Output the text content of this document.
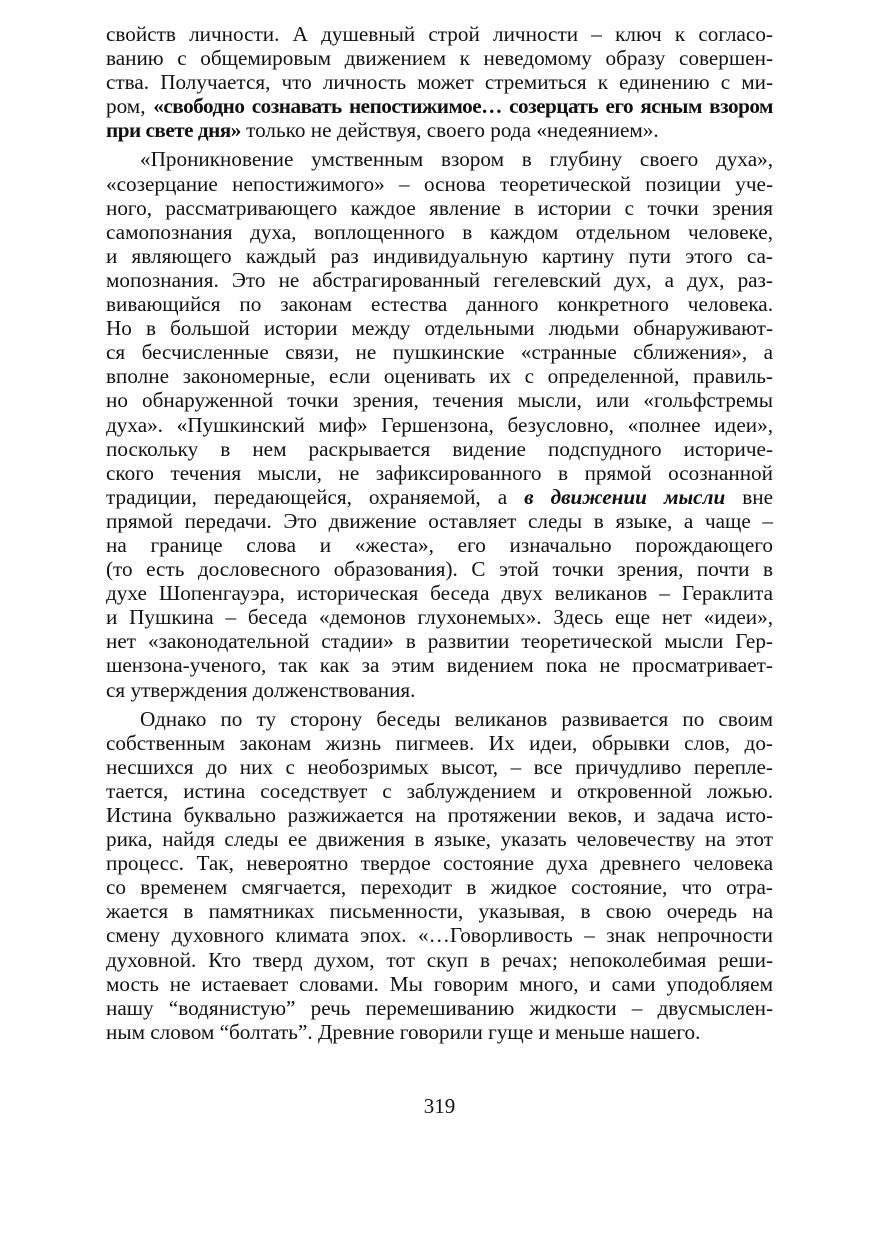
свойств личности. А душевный строй личности – ключ к согласо-
ванию с общемировым движением к неведомому образу совершен-
ства. Получается, что личность может стремиться к единению с ми-
ром, «свободно сознавать непостижимое… созерцать его ясным взором
при свете дня» только не действуя, своего рода «недеянием».
«Проникновение умственным взором в глубину своего духа»,
«созерцание непостижимого» – основа теоретической позиции уче-
ного, рассматривающего каждое явление в истории с точки зрения
самопознания духа, воплощенного в каждом отдельном человеке,
и являющего каждый раз индивидуальную картину пути этого са-
мопознания. Это не абстрагированный гегелевский дух, а дух, раз-
вивающийся по законам естества данного конкретного человека.
Но в большой истории между отдельными людьми обнаруживают-
ся бесчисленные связи, не пушкинские «странные сближения», а
вполне закономерные, если оценивать их с определенной, правиль-
но обнаруженной точки зрения, течения мысли, или «гольфстремы
духа». «Пушкинский миф» Гершензона, безусловно, «полнее идеи»,
поскольку в нем раскрывается видение подспудного историче-
ского течения мысли, не зафиксированного в прямой осознанной
традиции, передающейся, охраняемой, а в движении мысли вне
прямой передачи. Это движение оставляет следы в языке, а чаще –
на границе слова и «жеста», его изначально порождающего
(то есть дословесного образования). С этой точки зрения, почти в
духе Шопенгауэра, историческая беседа двух великанов – Гераклита
и Пушкина – беседа «демонов глухонемых». Здесь еще нет «идеи»,
нет «законодательной стадии» в развитии теоретической мысли Гер-
шензона-ученого, так как за этим видением пока не просматривает-
ся утверждения долженствования.
Однако по ту сторону беседы великанов развивается по своим
собственным законам жизнь пигмеев. Их идеи, обрывки слов, до-
несшихся до них с необозримых высот, – все причудливо перепле-
тается, истина соседствует с заблуждением и откровенной ложью.
Истина буквально разжижается на протяжении веков, и задача исто-
рика, найдя следы ее движения в языке, указать человечеству на этот
процесс. Так, невероятно твердое состояние духа древнего человека
со временем смягчается, переходит в жидкое состояние, что отра-
жается в памятниках письменности, указывая, в свою очередь на
смену духовного климата эпох. «…Говорливость – знак непрочности
духовной. Кто тверд духом, тот скуп в речах; непоколебимая реши-
мость не истаевает словами. Мы говорим много, и сами уподобляем
нашу “водянистую” речь перемешиванию жидкости – двусмыслен-
ным словом “болтать”. Древние говорили гуще и меньше нашего.
319
